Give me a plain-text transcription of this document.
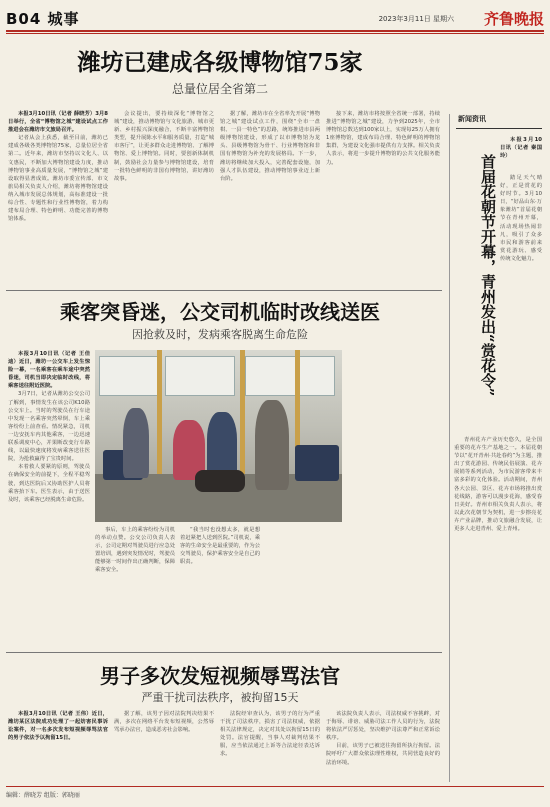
B04 城事	2023年3月11日 星期六 齐鲁晚报
潍坊已建成各级博物馆75家
总量位居全省第二

本报3月10日讯（记者 薛晓芳）3月8日举行，全省“博物馆之城”建设试点工作推进会在潍坊市文旅局召开。

记者从会上获悉，截至目前，潍坊已建成各级各类博物馆75家，总量位居全省第二。近年来，潍坊市坚持以文化人、以文惠民，不断加大博物馆建设力度，推动博物馆事业高质量发展，“博物馆之城”建设取得显著成效。潍坊市委宣传部、市文旅局相关负责人介绍，潍坊将博物馆建设纳入城市发展总体规划，高标准建设一批综合性、专题性和行业性博物馆，着力构建布局合理、特色鲜明、功能完善的博物馆体系。

会议提出，要持续深化“博物馆之城”建设，推动博物馆与文化旅游、城市更新、乡村振兴深度融合，不断丰富博物馆类型，提升展陈水平和服务质量，打造“城市客厅”，让更多群众走进博物馆、了解博物馆、爱上博物馆。同时，要创新体制机制，鼓励社会力量参与博物馆建设，培育一批特色鲜明的非国有博物馆，讲好潍坊故事。

据了解，潍坊市在全省率先开展“博物馆之城”建设试点工作，围绕“全市一盘棋、一县一特色”的思路，统筹推进市县两级博物馆建设，形成了以市博物馆为龙头、县级博物馆为骨干、行业博物馆和非国有博物馆为补充的发展格局。下一步，潍坊将继续加大投入，完善配套设施，加强人才队伍建设，推动博物馆事业迈上新台阶。

接下来，潍坊市将按照全省统一部署，持续推进“博物馆之城”建设，力争到2025年，全市博物馆总数达到100家以上，实现每25万人拥有1座博物馆，建成布局合理、特色鲜明的博物馆集群，为建设文化强市提供有力支撑。相关负责人表示，将进一步提升博物馆的公共文化服务能力。

乘客突昏迷，公交司机临时改线送医
因抢救及时，发病乘客脱离生命危险

本报3月10日讯（记者 王佳迪）近日，潍坊一公交车上发生惊险一幕，一名乘客在乘车途中突然昏迷，司机当即决定临时改线，将乘客送往附近医院。

3月7日，记者从潍坊公交公司了解到，事情发生在该公司K10路公交车上。当时的驾驶员在行车途中发现一名乘客突然晕倒，车上乘客纷纷上前查看。情况紧急，司机一边安抚车内其他乘客，一边迅速联系调度中心，并果断改变行车路线，以最快速度将发病乘客送往医院，为抢救赢得了宝贵时间。

本着救人要紧的原则，驾驶员在确保安全的前提下，全程平稳驾驶，到达医院后又协助医护人员将乘客抬下车。医生表示，由于送医及时，该乘客已经脱离生命危险。

事后，车上的乘客纷纷为司机的举动点赞。公交公司负责人表示，公司定期对驾驶员进行应急处置培训，遇到突发情况时，驾驶员能够第一时间作出正确判断，保障乘客安全。

“我当时也没想太多，就是想着赶紧把人送到医院。”司机说，乘客的生命安全是最重要的，作为公交驾驶员，保护乘客安全是自己的职责。

男子多次发短视频辱骂法官
严重干扰司法秩序，被拘留15天

本报3月10日讯（记者 王伟）近日，潍坊某区法院成功处理了一起妨害民事诉讼案件，对一名多次发布短视频辱骂法官的男子依法予以拘留15日。

据了解，该男子因对法院判决结果不满，多次在网络平台发布短视频，公然辱骂承办法官，造成恶劣社会影响。

法院经审查认为，该男子的行为严重干扰了司法秩序，损害了司法权威，依据相关法律规定，决定对其处以拘留15日的处罚。法官提醒，当事人对裁判结果不服，应当依法通过上诉等合法途径表达诉求。

该法院负责人表示，司法权威不容挑衅，对于侮辱、诽谤、威胁司法工作人员的行为，法院将依法严厉惩处，坚决维护司法尊严和正常诉讼秩序。

目前，该男子已被送往拘留所执行拘留。法院呼吁广大群众依法理性维权，共同营造良好的法治环境。

新闻资讯
首届花朝节开幕，青州发出“赏花令”

本报3月10日讯（记者 秦国玲）

踏足天气晴好，正是赏花的好时节。3月10日，“好品山东·万象潍坊”首届花朝节在青州开幕，活动现场热闹非凡，吸引了众多市民和游客前来赏花游玩、感受传统文化魅力。

青州花卉产业历史悠久，是全国重要的花卉生产基地之一。本届花朝节以“花开青州·共赴春约”为主题，推出了赏花游园、传统民俗展演、花卉展销等系列活动，为市民游客带来丰富多彩的文化体验。活动期间，青州各大公园、景区、花卉市场将推出赏花线路，游客可以漫步花海，感受春日美好。青州市相关负责人表示，将以此次花朝节为契机，进一步擦亮花卉产业品牌，推动文旅融合发展，让更多人走进青州、爱上青州。

编辑：薛晓芳 组版：郭晓丽
